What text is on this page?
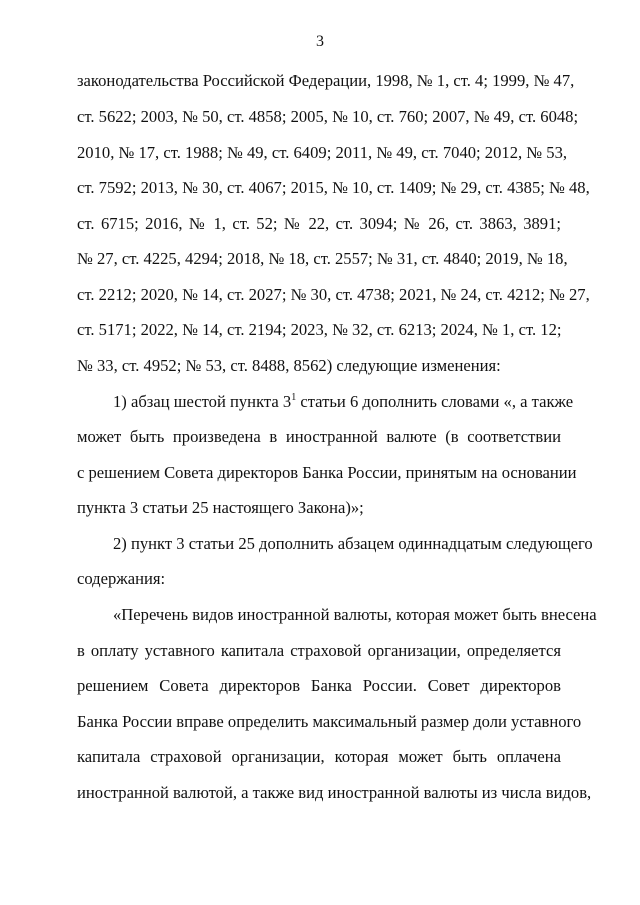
3
законодательства Российской Федерации, 1998, № 1, ст. 4; 1999, № 47,
ст. 5622; 2003, № 50, ст. 4858; 2005, № 10, ст. 760; 2007, № 49, ст. 6048;
2010, № 17, ст. 1988; № 49, ст. 6409; 2011, № 49, ст. 7040; 2012, № 53,
ст. 7592; 2013, № 30, ст. 4067; 2015, № 10, ст. 1409; № 29, ст. 4385; № 48,
ст. 6715; 2016, № 1, ст. 52; № 22, ст. 3094; № 26, ст. 3863, 3891;
№ 27, ст. 4225, 4294; 2018, № 18, ст. 2557; № 31, ст. 4840; 2019, № 18,
ст. 2212; 2020, № 14, ст. 2027; № 30, ст. 4738; 2021, № 24, ст. 4212; № 27,
ст. 5171; 2022, № 14, ст. 2194; 2023, № 32, ст. 6213; 2024, № 1, ст. 12;
№ 33, ст. 4952; № 53, ст. 8488, 8562) следующие изменения:
1) абзац шестой пункта $3^1$ статьи 6 дополнить словами «, а также
может быть произведена в иностранной валюте (в соответствии
с решением Совета директоров Банка России, принятым на основании
пункта 3 статьи 25 настоящего Закона)»;
2) пункт 3 статьи 25 дополнить абзацем одиннадцатым следующего
содержания:
«Перечень видов иностранной валюты, которая может быть внесена
в оплату уставного капитала страховой организации, определяется
решением Совета директоров Банка России. Совет директоров
Банка России вправе определить максимальный размер доли уставного
капитала страховой организации, которая может быть оплачена
иностранной валютой, а также вид иностранной валюты из числа видов,
